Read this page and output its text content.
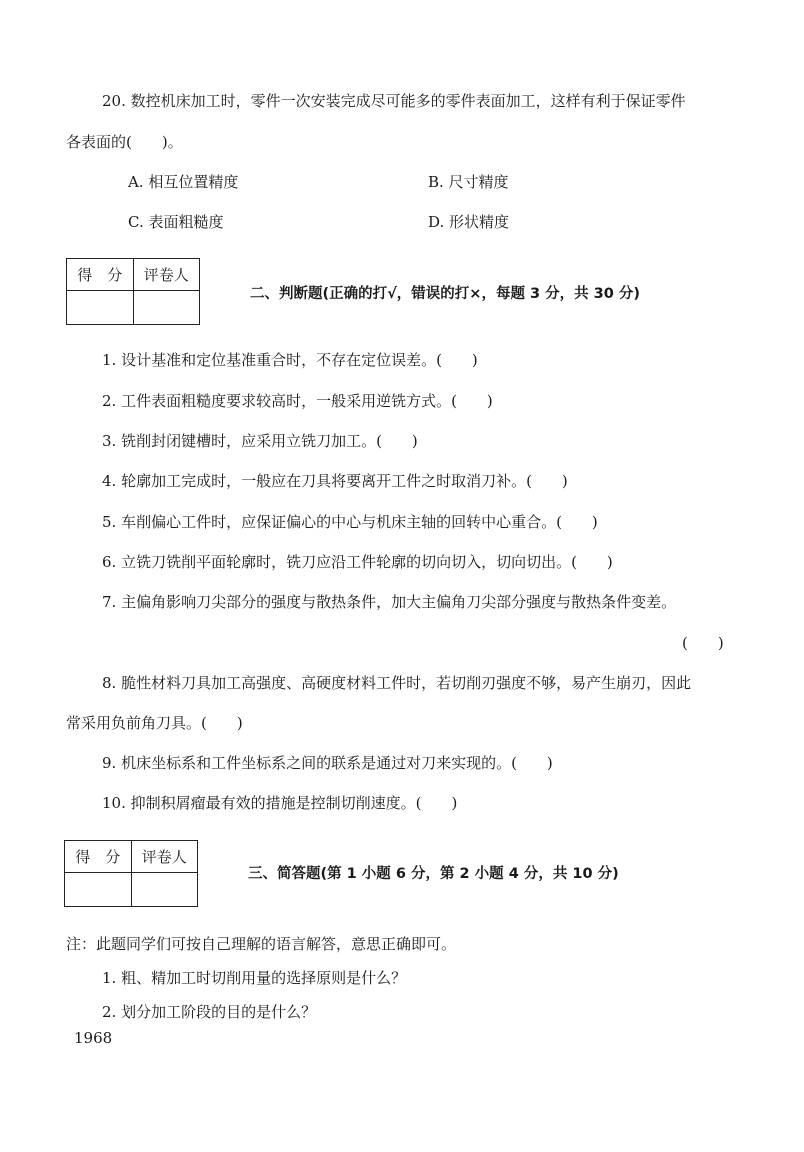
20. 数控机床加工时，零件一次安装完成尽可能多的零件表面加工，这样有利于保证零件
各表面的(　　)。
A. 相互位置精度	B. 尺寸精度
C. 表面粗糙度	D. 形状精度
得　分	评卷人

二、判断题(正确的打√，错误的打×，每题 3 分，共 30 分)
1. 设计基准和定位基准重合时，不存在定位误差。(　　)
2. 工件表面粗糙度要求较高时，一般采用逆铣方式。(　　)
3. 铣削封闭键槽时，应采用立铣刀加工。(　　)
4. 轮廓加工完成时，一般应在刀具将要离开工件之时取消刀补。(　　)
5. 车削偏心工件时，应保证偏心的中心与机床主轴的回转中心重合。(　　)
6. 立铣刀铣削平面轮廓时，铣刀应沿工件轮廓的切向切入，切向切出。(　　)
7. 主偏角影响刀尖部分的强度与散热条件，加大主偏角刀尖部分强度与散热条件变差。
(　　)
8. 脆性材料刀具加工高强度、高硬度材料工件时，若切削刃强度不够，易产生崩刃，因此
常采用负前角刀具。(　　)
9. 机床坐标系和工件坐标系之间的联系是通过对刀来实现的。(　　)
10. 抑制积屑瘤最有效的措施是控制切削速度。(　　)
得　分	评卷人

三、简答题(第 1 小题 6 分，第 2 小题 4 分，共 10 分)
注：此题同学们可按自己理解的语言解答，意思正确即可。
1. 粗、精加工时切削用量的选择原则是什么？
2. 划分加工阶段的目的是什么？
1968
